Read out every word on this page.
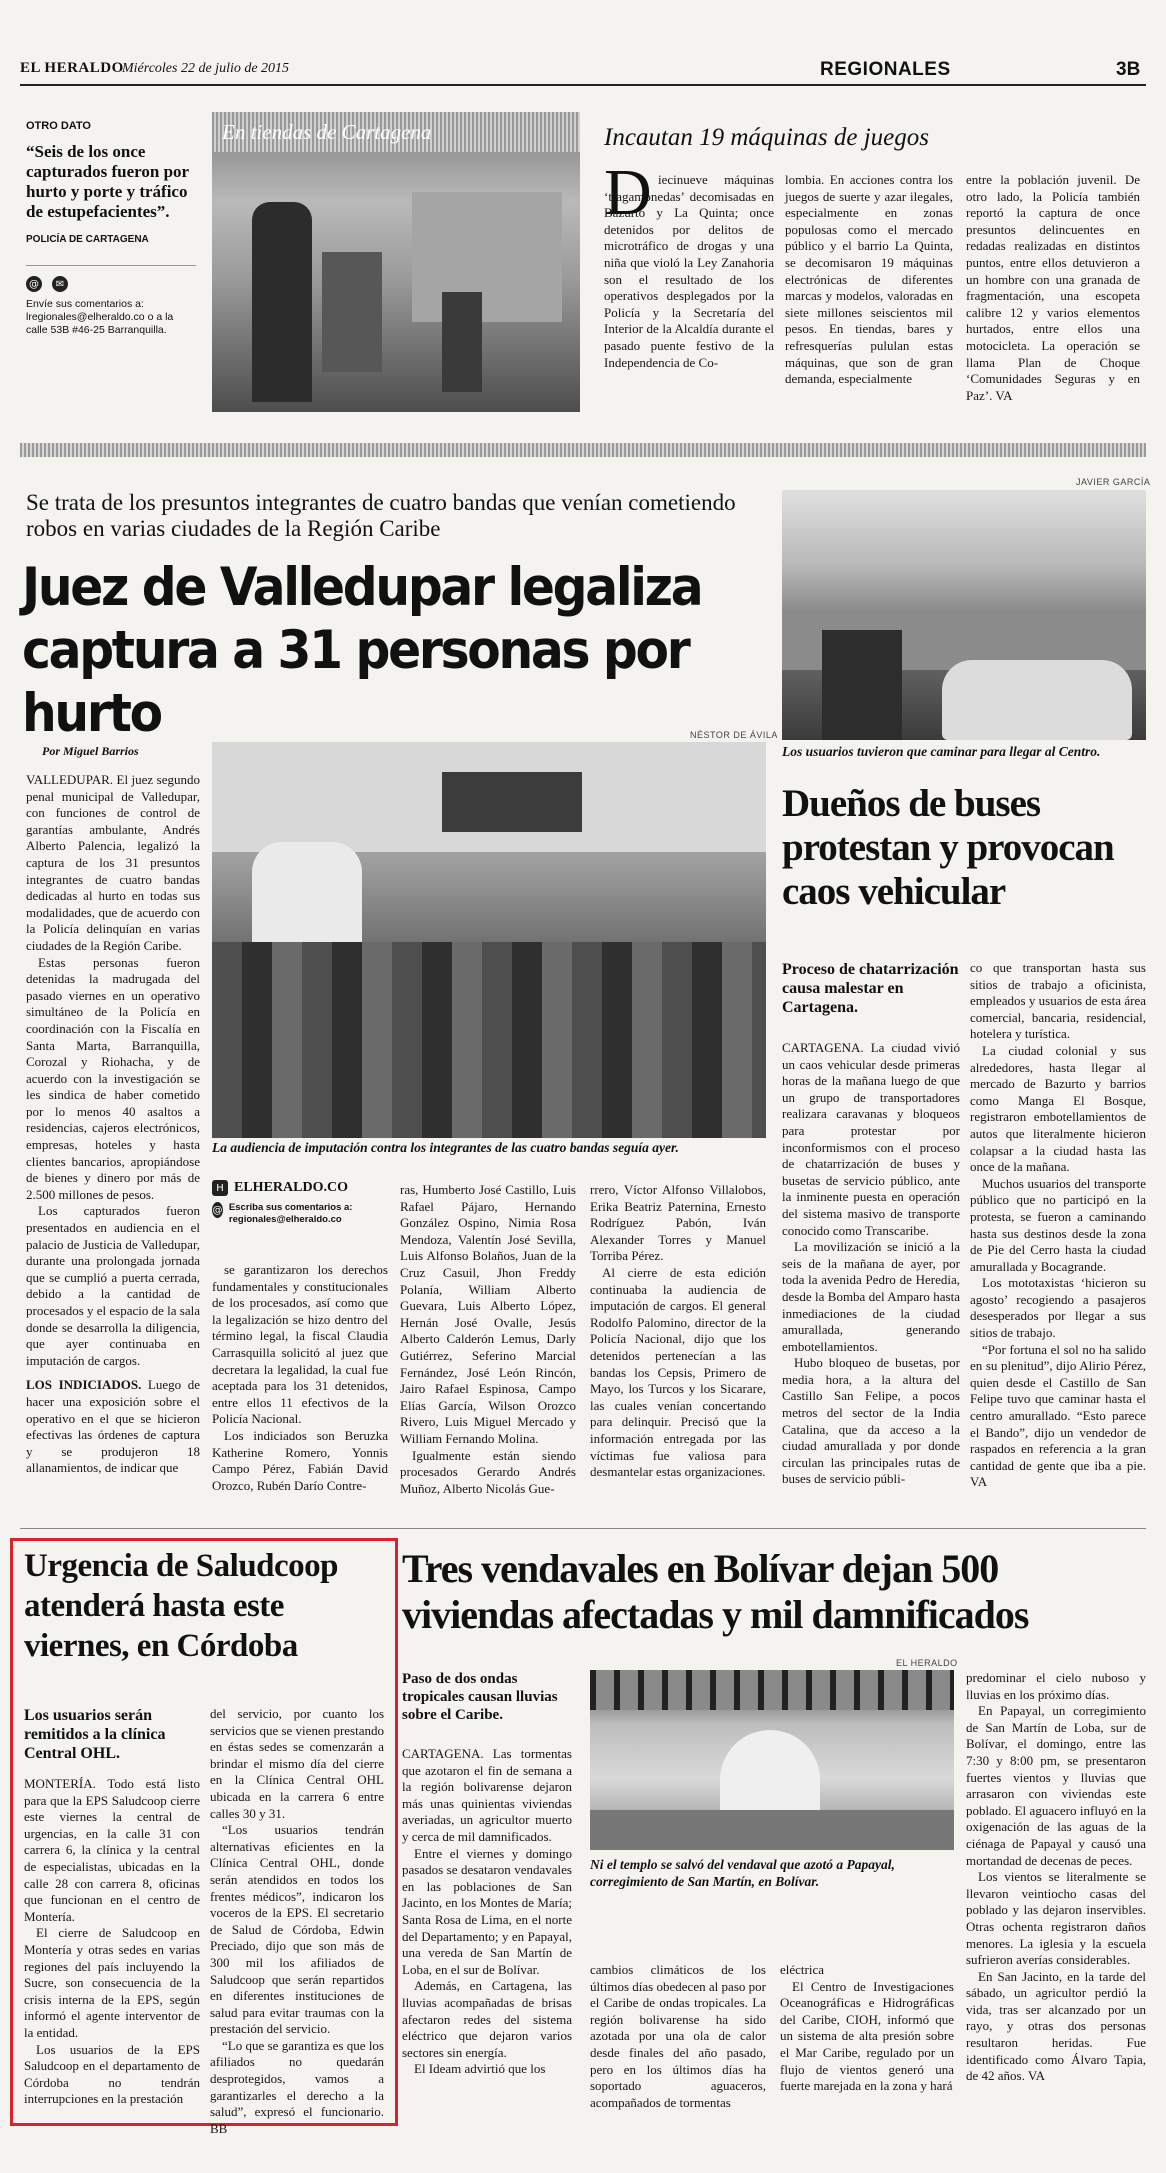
EL HERALDO
Miércoles 22 de julio de 2015	REGIONALES	3B
OTRO DATO
“Seis de los once capturados fueron por hurto y porte y tráfico de estupefacientes”.
POLICÍA DE CARTAGENA
@	✉
Envíe sus comentarios a: lregionales@elheraldo.co o a la calle 53B #46-25 Barranquilla.
En tiendas de Cartagena	Incautan 19 máquinas de juegos
D iecinueve máquinas ‘tragamonedas’ decomisadas en Bazurto y La Quinta; once detenidos por delitos de microtráfico de drogas y una niña que violó la Ley Zanahoria son el resultado de los operativos desplegados por la Policía y la Secretaría del Interior de la Alcaldía durante el pasado puente festivo de la Independencia de Co-
lombia. En acciones contra los juegos de suerte y azar ilegales, especialmente en zonas populosas como el mercado público y el barrio La Quinta, se decomisaron 19 máquinas electrónicas de diferentes marcas y modelos, valoradas en siete millones seiscientos mil pesos. En tiendas, bares y refresquerías pululan estas máquinas, que son de gran demanda, especialmente
entre la población juvenil. De otro lado, la Policía también reportó la captura de once presuntos delincuentes en redadas realizadas en distintos puntos, entre ellos detuvieron a un hombre con una granada de fragmentación, una escopeta calibre 12 y varios elementos hurtados, entre ellos una motocicleta. La operación se llama Plan de Choque ‘Comunidades Seguras y en Paz’. VA
Se trata de los presuntos integrantes de cuatro bandas que venían cometiendo robos en varias ciudades de la Región Caribe
Juez de Valledupar legaliza captura a 31 personas por hurto
JAVIER GARCÍA
Los usuarios tuvieron que caminar para llegar al Centro.
NÉSTOR DE ÁVILA
La audiencia de imputación contra los integrantes de las cuatro bandas seguía ayer.
Por Miguel Barrios

VALLEDUPAR. El juez segundo penal municipal de Valledupar, con funciones de control de garantías ambulante, Andrés Alberto Palencia, legalizó la captura de los 31 presuntos integrantes de cuatro bandas dedicadas al hurto en todas sus modalidades, que de acuerdo con la Policía delinquían en varias ciudades de la Región Caribe.

Estas personas fueron detenidas la madrugada del pasado viernes en un operativo simultáneo de la Policía en coordinación con la Fiscalía en Santa Marta, Barranquilla, Corozal y Riohacha, y de acuerdo con la investigación se les sindica de haber cometido por lo menos 40 asaltos a residencias, cajeros electrónicos, empresas, hoteles y hasta clientes bancarios, apropiándose de bienes y dinero por más de 2.500 millones de pesos.

Los capturados fueron presentados en audiencia en el palacio de Justicia de Valledupar, durante una prolongada jornada que se cumplió a puerta cerrada, debido a la cantidad de procesados y el espacio de la sala donde se desarrolla la diligencia, que ayer continuaba en imputación de cargos.

LOS INDICIADOS. Luego de hacer una exposición sobre el operativo en el que se hicieron efectivas las órdenes de captura y se produjeron 18 allanamientos, de indicar que

H ELHERALDO.CO
@ Escriba sus comentarios a: regionales@elheraldo.co

se garantizaron los derechos fundamentales y constitucionales de los procesados, así como que la legalización se hizo dentro del término legal, la fiscal Claudia Carrasquilla solicitó al juez que decretara la legalidad, la cual fue aceptada para los 31 detenidos, entre ellos 11 efectivos de la Policía Nacional.

Los indiciados son Beruzka Katherine Romero, Yonnis Campo Pérez, Fabián David Orozco, Rubén Darío Contre-

ras, Humberto José Castillo, Luis Rafael Pájaro, Hernando González Ospino, Nimia Rosa Mendoza, Valentín José Sevilla, Luis Alfonso Bolaños, Juan de la Cruz Casuil, Jhon Freddy Polanía, William Alberto Guevara, Luis Alberto López, Hernán José Ovalle, Jesús Alberto Calderón Lemus, Darly Gutiérrez, Seferino Marcial Fernández, José León Rincón, Jairo Rafael Espinosa, Campo Elías García, Wilson Orozco Rivero, Luis Miguel Mercado y William Fernando Molina.

Igualmente están siendo procesados Gerardo Andrés Muñoz, Alberto Nicolás Gue-

rrero, Víctor Alfonso Villalobos, Erika Beatriz Paternina, Ernesto Rodríguez Pabón, Iván Alexander Torres y Manuel Torriba Pérez.

Al cierre de esta edición continuaba la audiencia de imputación de cargos. El general Rodolfo Palomino, director de la Policía Nacional, dijo que los detenidos pertenecían a las bandas los Cepsis, Primero de Mayo, los Turcos y los Sicarare, las cuales venían concertando para delinquir. Precisó que la información entregada por las víctimas fue valiosa para desmantelar estas organizaciones.

Dueños de buses protestan y provocan caos vehicular
Proceso de chatarrización causa malestar en Cartagena.

CARTAGENA. La ciudad vivió un caos vehicular desde primeras horas de la mañana luego de que un grupo de transportadores realizara caravanas y bloqueos para protestar por inconformismos con el proceso de chatarrización de buses y busetas de servicio público, ante la inminente puesta en operación del sistema masivo de transporte conocido como Transcaribe.

La movilización se inició a la seis de la mañana de ayer, por toda la avenida Pedro de Heredia, desde la Bomba del Amparo hasta inmediaciones de la ciudad amurallada, generando embotellamientos.

Hubo bloqueo de busetas, por media hora, a la altura del Castillo San Felipe, a pocos metros del sector de la India Catalina, que da acceso a la ciudad amurallada y por donde circulan las principales rutas de buses de servicio públi-

co que transportan hasta sus sitios de trabajo a oficinista, empleados y usuarios de esta área comercial, bancaria, residencial, hotelera y turística.

La ciudad colonial y sus alrededores, hasta llegar al mercado de Bazurto y barrios como Manga El Bosque, registraron embotellamientos de autos que literalmente hicieron colapsar a la ciudad hasta las once de la mañana.

Muchos usuarios del transporte público que no participó en la protesta, se fueron a caminando hasta sus destinos desde la zona de Pie del Cerro hasta la ciudad amurallada y Bocagrande.

Los mototaxistas ‘hicieron su agosto’ recogiendo a pasajeros desesperados por llegar a sus sitios de trabajo.

“Por fortuna el sol no ha salido en su plenitud”, dijo Alirio Pérez, quien desde el Castillo de San Felipe tuvo que caminar hasta el centro amurallado. “Esto parece el Bando”, dijo un vendedor de raspados en referencia a la gran cantidad de gente que iba a pie. VA

Urgencia de Saludcoop atenderá hasta este viernes, en Córdoba
Los usuarios serán remitidos a la clínica Central OHL.

MONTERÍA. Todo está listo para que la EPS Saludcoop cierre este viernes la central de urgencias, en la calle 31 con carrera 6, la clínica y la central de especialistas, ubicadas en la calle 28 con carrera 8, oficinas que funcionan en el centro de Montería.

El cierre de Saludcoop en Montería y otras sedes en varias regiones del país incluyendo la Sucre, son consecuencia de la crisis interna de la EPS, según informó el agente interventor de la entidad.

Los usuarios de la EPS Saludcoop en el departamento de Córdoba no tendrán interrupciones en la prestación

del servicio, por cuanto los servicios que se vienen prestando en éstas sedes se comenzarán a brindar el mismo día del cierre en la Clínica Central OHL ubicada en la carrera 6 entre calles 30 y 31.

“Los usuarios tendrán alternativas eficientes en la Clínica Central OHL, donde serán atendidos en todos los frentes médicos”, indicaron los voceros de la EPS. El secretario de Salud de Córdoba, Edwin Preciado, dijo que son más de 300 mil los afiliados de Saludcoop que serán repartidos en diferentes instituciones de salud para evitar traumas con la prestación del servicio.

“Lo que se garantiza es que los afiliados no quedarán desprotegidos, vamos a garantizarles el derecho a la salud”, expresó el funcionario. BB

Tres vendavales en Bolívar dejan 500 viviendas afectadas y mil damnificados
Paso de dos ondas tropicales causan lluvias sobre el Caribe.

CARTAGENA. Las tormentas que azotaron el fin de semana a la región bolivarense dejaron más unas quinientas viviendas averiadas, un agricultor muerto y cerca de mil damnificados.

Entre el viernes y domingo pasados se desataron vendavales en las poblaciones de San Jacinto, en los Montes de María; Santa Rosa de Lima, en el norte del Departamento; y en Papayal, una vereda de San Martín de Loba, en el sur de Bolívar.

Además, en Cartagena, las lluvias acompañadas de brisas afectaron redes del sistema eléctrico que dejaron varios sectores sin energía.

El Ideam advirtió que los

EL HERALDO
Ni el templo se salvó del vendaval que azotó a Papayal, corregimiento de San Martín, en Bolívar.

cambios climáticos de los últimos días obedecen al paso por el Caribe de ondas tropicales. La región bolivarense ha sido azotada por una ola de calor desde finales del año pasado, pero en los últimos días ha soportado aguaceros, acompañados de tormentas

eléctrica

El Centro de Investigaciones Oceanográficas e Hidrográficas del Caribe, CIOH, informó que un sistema de alta presión sobre el Mar Caribe, regulado por un flujo de vientos generó una fuerte marejada en la zona y hará

predominar el cielo nuboso y lluvias en los próximo días.

En Papayal, un corregimiento de San Martín de Loba, sur de Bolívar, el domingo, entre las 7:30 y 8:00 pm, se presentaron fuertes vientos y lluvias que arrasaron con viviendas este poblado. El aguacero influyó en la oxigenación de las aguas de la ciénaga de Papayal y causó una mortandad de decenas de peces.

Los vientos se literalmente se llevaron veintiocho casas del poblado y las dejaron inservibles. Otras ochenta registraron daños menores. La iglesia y la escuela sufrieron averías considerables.

En San Jacinto, en la tarde del sábado, un agricultor perdió la vida, tras ser alcanzado por un rayo, y otras dos personas resultaron heridas. Fue identificado como Álvaro Tapia, de 42 años. VA
